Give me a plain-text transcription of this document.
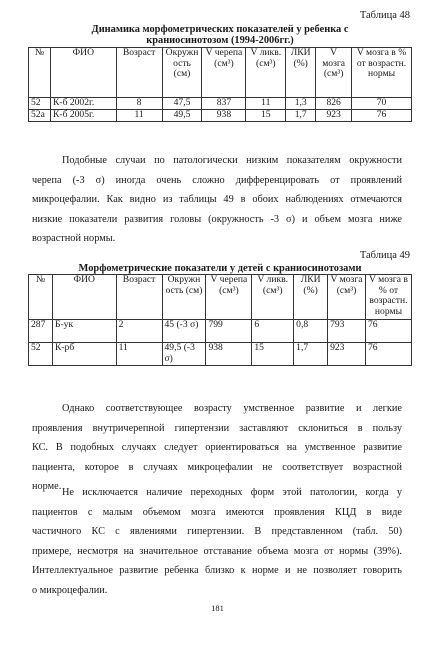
Таблица 48
Динамика морфометрических показателей у ребенка с
краниосинотозом (1994-2006гг.)
№	ФИО	Возраст	Окружн ость (см)	V черепа (см³)	V ликв. (см³)	ЛКИ (%)	V мозга (см³)	V мозга в % от возрастн. нормы
52	К-б 2002г.	8	47,5	837	11	1,3	826	70
52а	К-б 2005г.	11	49,5	938	15	1,7	923	76
Подобные случаи по патологически низким показателям окружности
черепа (-3 σ) иногда очень сложно дифференцировать от проявлений
микроцефалии. Как видно из таблицы 49 в обоих наблюдениях отмечаются
низкие показатели развития головы (окружность -3 σ) и объем мозга ниже
возрастной нормы.
Таблица 49
Морфометрические показатели у детей с краниосинотозами
№	ФИО	Возраст	Окружн ость (см)	V черепа (см³)	V ликв. (см³)	ЛКИ (%)	V мозга (см³)	V мозга в % от возрастн. нормы
287	Б-ук	2	45 (-3 σ)	799	6	0,8	793	76
52	К-рб	11	49,5 (-3 σ)	938	15	1,7	923	76
Однако соответствующее возрасту умственное развитие и легкие
проявления внутричерепной гипертензии заставляют склониться в пользу
КС. В подобных случаях следует ориентироваться на умственное развитие
пациента, которое в случаях микроцефалии не соответствует возрастной
норме.
Не исключается наличие переходных форм этой патологии, когда у
пациентов с малым объемом мозга имеются проявления КЦД в виде
частичного КС с явлениями гипертензии. В представленном (табл. 50)
примере, несмотря на значительное отставание объема мозга от нормы (39%).
Интеллектуальное развитие ребенка близко к норме и не позволяет говорить
о микроцефалии.
181
